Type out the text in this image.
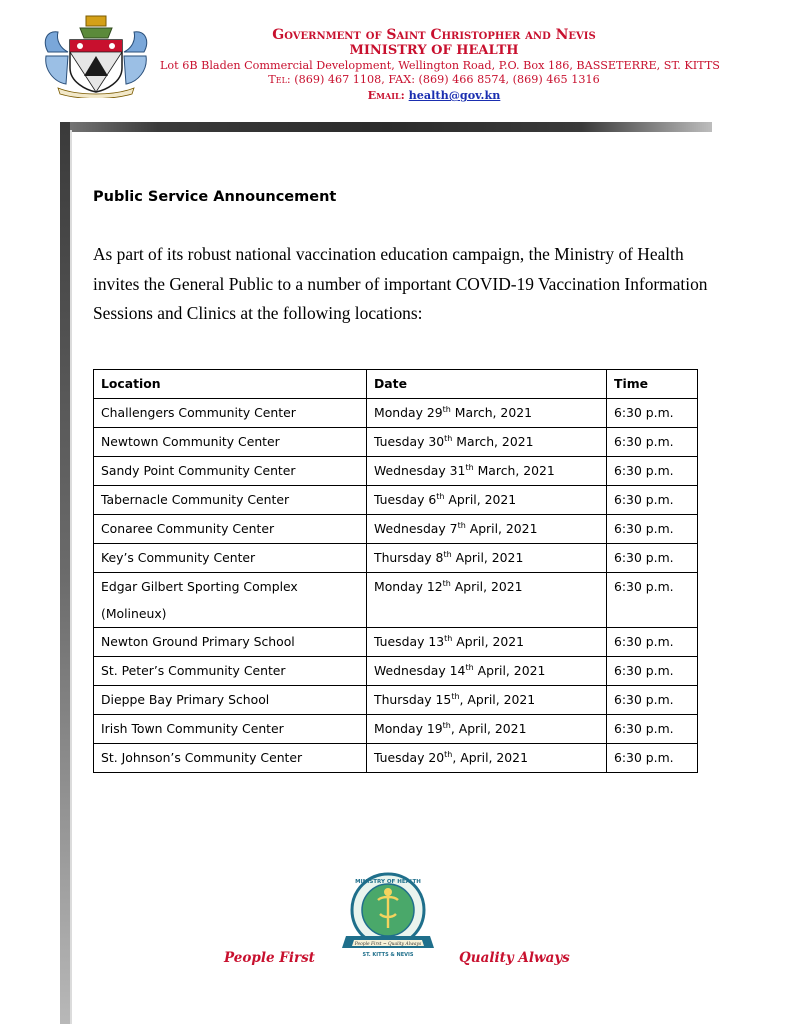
Government of Saint Christopher and Nevis
MINISTRY OF HEALTH
Lot 6B Bladen Commercial Development, Wellington Road, P.O. Box 186, BASSETERRE, ST. KITTS
Tel: (869) 467 1108, FAX: (869) 466 8574, (869) 465 1316
Email: health@gov.kn
Public Service Announcement
As part of its robust national vaccination education campaign, the Ministry of Health invites the General Public to a number of important COVID-19 Vaccination Information Sessions and Clinics at the following locations:
Location	Date	Time
Challengers Community Center	Monday 29th March, 2021	6:30 p.m.
Newtown Community Center	Tuesday 30th March, 2021	6:30 p.m.
Sandy Point Community Center	Wednesday 31th March, 2021	6:30 p.m.
Tabernacle Community Center	Tuesday 6th April, 2021	6:30 p.m.
Conaree Community Center	Wednesday 7th April, 2021	6:30 p.m.
Key’s Community Center	Thursday 8th April, 2021	6:30 p.m.
Edgar Gilbert Sporting Complex
(Molineux)	Monday 12th April, 2021	6:30 p.m.
Newton Ground Primary School	Tuesday 13th April, 2021	6:30 p.m.
St. Peter’s Community Center	Wednesday 14th April, 2021	6:30 p.m.
Dieppe Bay Primary School	Thursday 15th, April, 2021	6:30 p.m.
Irish Town Community Center	Monday 19th, April, 2021	6:30 p.m.
St. Johnson’s Community Center	Tuesday 20th, April, 2021	6:30 p.m.
MINISTRY OF HEALTH
People First ~ Quality Always
ST. KITTS & NEVIS
People First	Quality Always
